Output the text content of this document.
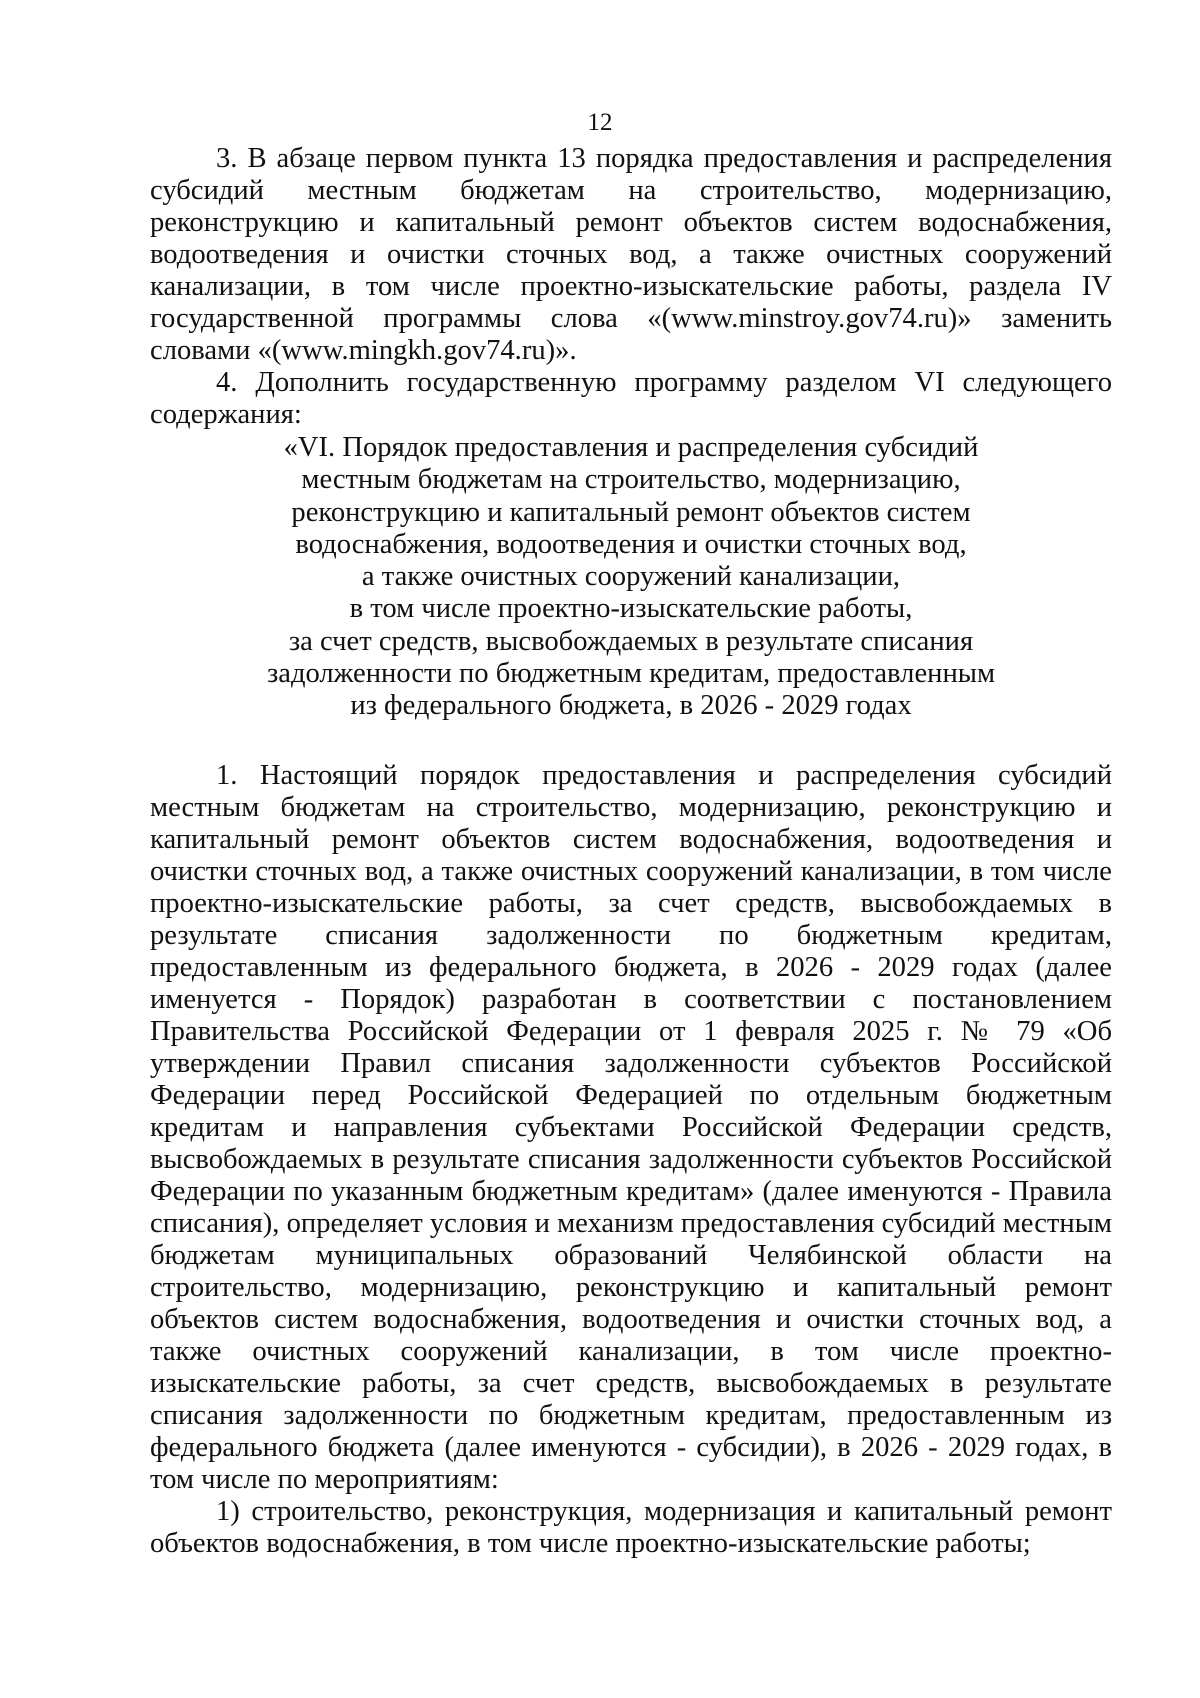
12

3. В абзаце первом пункта 13 порядка предоставления и распределения субсидий местным бюджетам на строительство, модернизацию, реконструкцию и капитальный ремонт объектов систем водоснабжения, водоотведения и очистки сточных вод, а также очистных сооружений канализации, в том числе проектно-изыскательские работы, раздела IV государственной программы слова «(www.minstroy.gov74.ru)» заменить словами «(www.mingkh.gov74.ru)».

4. Дополнить государственную программу разделом VI следующего содержания:

«VI. Порядок предоставления и распределения субсидий
местным бюджетам на строительство, модернизацию,
реконструкцию и капитальный ремонт объектов систем
водоснабжения, водоотведения и очистки сточных вод,
а также очистных сооружений канализации,
в том числе проектно-изыскательские работы,
за счет средств, высвобождаемых в результате списания
задолженности по бюджетным кредитам, предоставленным
из федерального бюджета, в 2026 - 2029 годах

1. Настоящий порядок предоставления и распределения субсидий местным бюджетам на строительство, модернизацию, реконструкцию и капитальный ремонт объектов систем водоснабжения, водоотведения и очистки сточных вод, а также очистных сооружений канализации, в том числе проектно-изыскательские работы, за счет средств, высвобождаемых в результате списания задолженности по бюджетным кредитам, предоставленным из федерального бюджета, в 2026 - 2029 годах (далее именуется - Порядок) разработан в соответствии с постановлением Правительства Российской Федерации от 1 февраля 2025 г. № 79 «Об утверждении Правил списания задолженности субъектов Российской Федерации перед Российской Федерацией по отдельным бюджетным кредитам и направления субъектами Российской Федерации средств, высвобождаемых в результате списания задолженности субъектов Российской Федерации по указанным бюджетным кредитам» (далее именуются - Правила списания), определяет условия и механизм предоставления субсидий местным бюджетам муниципальных образований Челябинской области на строительство, модернизацию, реконструкцию и капитальный ремонт объектов систем водоснабжения, водоотведения и очистки сточных вод, а также очистных сооружений канализации, в том числе проектно-изыскательские работы, за счет средств, высвобождаемых в результате списания задолженности по бюджетным кредитам, предоставленным из федерального бюджета (далее именуются - субсидии), в 2026 - 2029 годах, в том числе по мероприятиям:

1) строительство, реконструкция, модернизация и капитальный ремонт объектов водоснабжения, в том числе проектно-изыскательские работы;
